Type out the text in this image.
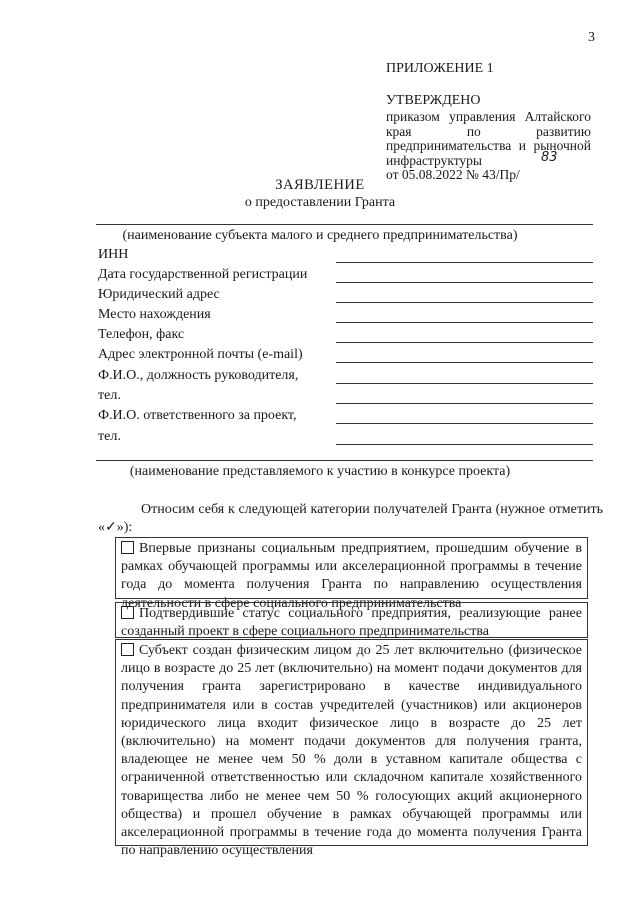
3
ПРИЛОЖЕНИЕ 1
УТВЕРЖДЕНО

приказом управления Алтайского края по развитию предпринимательства и рыночной инфраструктуры

от 05.08.2022 № 43/Пр/
83
ЗАЯВЛЕНИЕ
о предоставлении Гранта
(наименование субъекта малого и среднего предпринимательства)
ИНН
Дата государственной регистрации
Юридический адрес
Место нахождения
Телефон, факс
Адрес электронной почты (e-mail)
Ф.И.О., должность руководителя,
тел.
Ф.И.О. ответственного за проект,
тел.
(наименование представляемого к участию в конкурсе проекта)
Относим себя к следующей категории получателей Гранта (нужное отметить «✓»):
Впервые признаны социальным предприятием, прошедшим обучение в рамках обучающей программы или акселерационной программы в течение года до момента получения Гранта по направлению осуществления деятельности в сфере социального предпринимательства
Подтвердившие статус социального предприятия, реализующие ранее созданный проект в сфере социального предпринимательства
Субъект создан физическим лицом до 25 лет включительно (физическое лицо в возрасте до 25 лет (включительно) на момент подачи документов для получения гранта зарегистрировано в качестве индивидуального предпринимателя или в состав учредителей (участников) или акционеров юридического лица входит физическое лицо в возрасте до 25 лет (включительно) на момент подачи документов для получения гранта, владеющее не менее чем 50 % доли в уставном капитале общества с ограниченной ответственностью или складочном капитале хозяйственного товарищества либо не менее чем 50 % голосующих акций акционерного общества) и прошел обучение в рамках обучающей программы или акселерационной программы в течение года до момента получения Гранта по направлению осуществления
